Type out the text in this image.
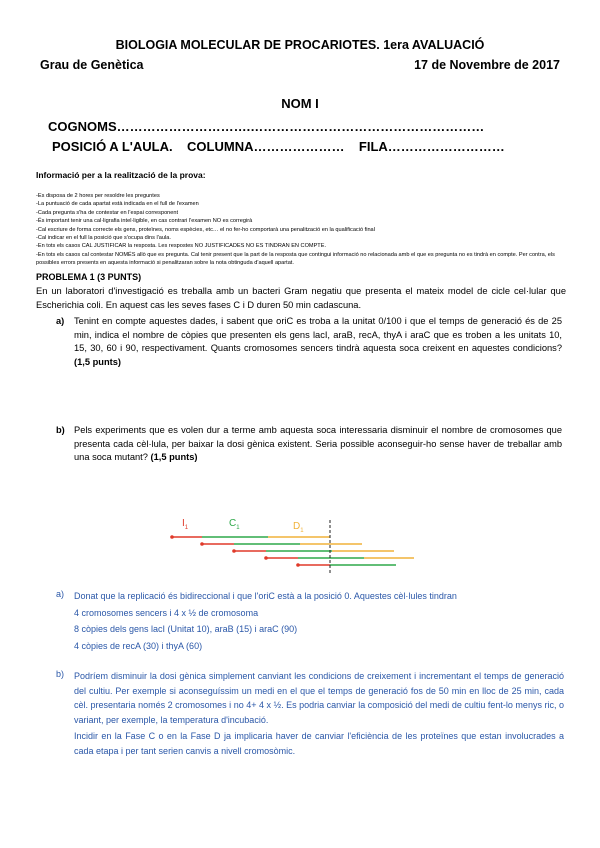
BIOLOGIA MOLECULAR DE PROCARIOTES. 1era AVALUACIÓ
Grau de Genètica	17 de Novembre de 2017
NOM I
COGNOMS………………………….………………………………………………
POSICIÓ A L'AULA. COLUMNA………………… FILA………………………
Informació per a la realització de la prova:
-Es disposa de 2 hores per resoldre les preguntes
-La puntuació de cada apartat està indicada en el full de l'examen
-Cada pregunta s'ha de contestar en l'espai corresponent
-És important tenir una cal·ligrafia intel·ligible, en cas contrari l'examen NO es corregirà
-Cal escriure de forma correcte els gens, proteïnes, noms espècies, etc… el no fer-ho comportarà una penalització en la qualificació final
-Cal indicar en el full la posició que s'ocupa dins l'aula.
-En tots els casos CAL JUSTIFICAR la resposta. Les respostes NO JUSTIFICADES NO ES TINDRAN EN COMPTE.
-En tots els casos cal contestar NOMÉS allò que es pregunta. Cal tenir present que la part de la resposta que contingui informació no relacionada amb el que es pregunta no es tindrà en compte. Per contra, els possibles errors presents en aquesta informació si penalitzaran sobre la nota obtinguda d'aquell apartat.
PROBLEMA 1 (3 PUNTS)
En un laboratori d'investigació es treballa amb un bacteri Gram negatiu que presenta el mateix model de cicle cel·lular que Escherichia coli. En aquest cas les seves fases C i D duren 50 min cadascuna.
a) Tenint en compte aquestes dades, i sabent que oriC es troba a la unitat 0/100 i que el temps de generació és de 25 min, indica el nombre de còpies que presenten els gens lacI, araB, recA, thyA i araC que es troben a les unitats 10, 15, 30, 60 i 90, respectivament. Quants cromosomes sencers tindrà aquesta soca creixent en aquestes condicions? (1,5 punts)
b) Pels experiments que es volen dur a terme amb aquesta soca interessaria disminuir el nombre de cromosomes que presenta cada cèl·lula, per baixar la dosi gènica existent. Seria possible aconseguir-ho sense haver de treballar amb una soca mutant? (1,5 punts)
$I_1$	$C_1$	$D_1$
a) Donat que la replicació és bidireccional i que l'oriC està a la posició 0. Aquestes cèl·lules tindran
4 cromosomes sencers i 4 x ½ de cromosoma
8 còpies dels gens lacI (Unitat 10), araB (15) i araC (90)
4 còpies de recA (30) i thyA (60)
b) Podríem disminuir la dosi gènica simplement canviant les condicions de creixement i incrementant el temps de generació del cultiu. Per exemple si aconseguíssim un medi en el que el temps de generació fos de 50 min en lloc de 25 min, cada cèl. presentaria només 2 cromosomes i no 4+ 4 x ½. Es podria canviar la composició del medi de cultiu fent-lo menys ric, o variant, per exemple, la temperatura d'incubació.
Incidir en la Fase C o en la Fase D ja implicaria haver de canviar l'eficiència de les proteïnes que estan involucrades a cada etapa i per tant serien canvis a nivell cromosòmic.
